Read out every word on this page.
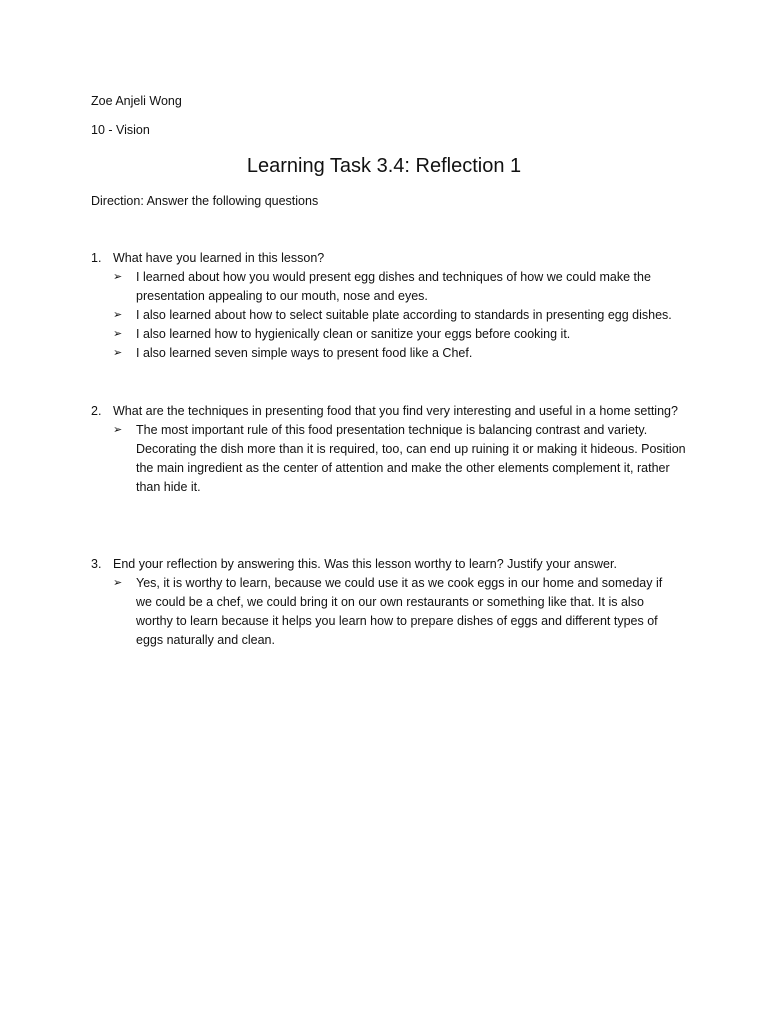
Zoe Anjeli Wong
10 - Vision
Learning Task 3.4: Reflection 1
Direction: Answer the following questions
1. What have you learned in this lesson?
➢ I learned about how you would present egg dishes and techniques of how we could make the presentation appealing to our mouth, nose and eyes.
➢ I also learned about how to select suitable plate according to standards in presenting egg dishes.
➢ I also learned how to hygienically clean or sanitize your eggs before cooking it.
➢ I also learned seven simple ways to present food like a Chef.
2. What are the techniques in presenting food that you find very interesting and useful in a home setting?
➢ The most important rule of this food presentation technique is balancing contrast and variety. Decorating the dish more than it is required, too, can end up ruining it or making it hideous. Position the main ingredient as the center of attention and make the other elements complement it, rather than hide it.
3. End your reflection by answering this. Was this lesson worthy to learn? Justify your answer.
➢ Yes, it is worthy to learn, because we could use it as we cook eggs in our home and someday if we could be a chef, we could bring it on our own restaurants or something like that. It is also worthy to learn because it helps you learn how to prepare dishes of eggs and different types of eggs naturally and clean.
